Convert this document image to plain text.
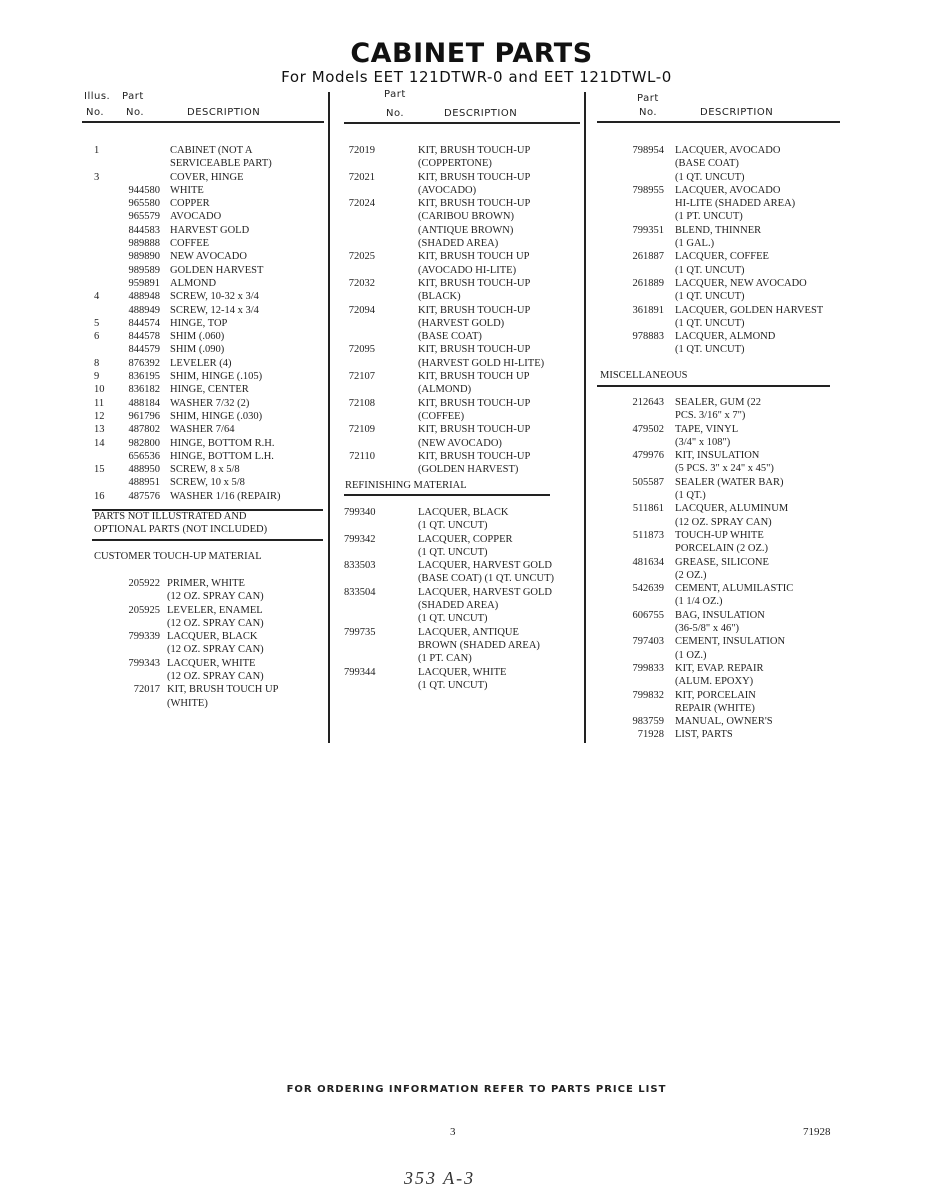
CABINET PARTS
For Models EET 121DTWR-0 and EET 121DTWL-0
Illus. Part
No. No.	DESCRIPTION
Part
No.	DESCRIPTION
Part
No.	DESCRIPTION
1	CABINET (NOT A
SERVICEABLE PART)
3	COVER, HINGE
944580 WHITE
965580 COPPER
965579 AVOCADO
844583 HARVEST GOLD
989888 COFFEE
989890 NEW AVOCADO
989589 GOLDEN HARVEST
959891 ALMOND
4	488948 SCREW, 10-32 x 3/4
488949 SCREW, 12-14 x 3/4
5	844574 HINGE, TOP
6	844578 SHIM (.060)
844579 SHIM (.090)
8	876392 LEVELER (4)
9	836195 SHIM, HINGE (.105)
10	836182 HINGE, CENTER
11	488184 WASHER 7/32 (2)
12	961796 SHIM, HINGE (.030)
13	487802 WASHER 7/64
14	982800 HINGE, BOTTOM R.H.
656536 HINGE, BOTTOM L.H.
15	488950 SCREW, 8 x 5/8
488951 SCREW, 10 x 5/8
16	487576 WASHER 1/16 (REPAIR)
PARTS NOT ILLUSTRATED AND
OPTIONAL PARTS (NOT INCLUDED)
CUSTOMER TOUCH-UP MATERIAL
205922 PRIMER, WHITE
(12 OZ. SPRAY CAN)
205925 LEVELER, ENAMEL
(12 OZ. SPRAY CAN)
799339 LACQUER, BLACK
(12 OZ. SPRAY CAN)
799343 LACQUER, WHITE
(12 OZ. SPRAY CAN)
72017 KIT, BRUSH TOUCH UP
(WHITE)
72019	KIT, BRUSH TOUCH-UP
(COPPERTONE)
72021	KIT, BRUSH TOUCH-UP
(AVOCADO)
72024	KIT, BRUSH TOUCH-UP
(CARIBOU BROWN)
(ANTIQUE BROWN)
(SHADED AREA)
72025	KIT, BRUSH TOUCH UP
(AVOCADO HI-LITE)
72032	KIT, BRUSH TOUCH-UP
(BLACK)
72094	KIT, BRUSH TOUCH-UP
(HARVEST GOLD)
(BASE COAT)
72095	KIT, BRUSH TOUCH-UP
(HARVEST GOLD HI-LITE)
72107	KIT, BRUSH TOUCH UP
(ALMOND)
72108	KIT, BRUSH TOUCH-UP
(COFFEE)
72109	KIT, BRUSH TOUCH-UP
(NEW AVOCADO)
72110	KIT, BRUSH TOUCH-UP
(GOLDEN HARVEST)
REFINISHING MATERIAL
799340	LACQUER, BLACK
(1 QT. UNCUT)
799342	LACQUER, COPPER
(1 QT. UNCUT)
833503	LACQUER, HARVEST GOLD
(BASE COAT) (1 QT. UNCUT)
833504	LACQUER, HARVEST GOLD
(SHADED AREA)
(1 QT. UNCUT)
799735	LACQUER, ANTIQUE
BROWN (SHADED AREA)
(1 PT. CAN)
799344	LACQUER, WHITE
(1 QT. UNCUT)
798954 LACQUER, AVOCADO
(BASE COAT)
(1 QT. UNCUT)
798955 LACQUER, AVOCADO
HI-LITE (SHADED AREA)
(1 PT. UNCUT)
799351 BLEND, THINNER
(1 GAL.)
261887 LACQUER, COFFEE
(1 QT. UNCUT)
261889 LACQUER, NEW AVOCADO
(1 QT. UNCUT)
361891 LACQUER, GOLDEN HARVEST
(1 QT. UNCUT)
978883 LACQUER, ALMOND
(1 QT. UNCUT)
MISCELLANEOUS
212643 SEALER, GUM (22
PCS. 3/16" x 7")
479502 TAPE, VINYL
(3/4" x 108")
479976 KIT, INSULATION
(5 PCS. 3" x 24" x 45")
505587 SEALER (WATER BAR)
(1 QT.)
511861 LACQUER, ALUMINUM
(12 OZ. SPRAY CAN)
511873 TOUCH-UP WHITE
PORCELAIN (2 OZ.)
481634 GREASE, SILICONE
(2 OZ.)
542639 CEMENT, ALUMILASTIC
(1 1/4 OZ.)
606755 BAG, INSULATION
(36-5/8" x 46")
797403 CEMENT, INSULATION
(1 OZ.)
799833 KIT, EVAP. REPAIR
(ALUM. EPOXY)
799832 KIT, PORCELAIN
REPAIR (WHITE)
983759 MANUAL, OWNER'S
71928 LIST, PARTS
FOR ORDERING INFORMATION REFER TO PARTS PRICE LIST
3	71928
353 A-3
